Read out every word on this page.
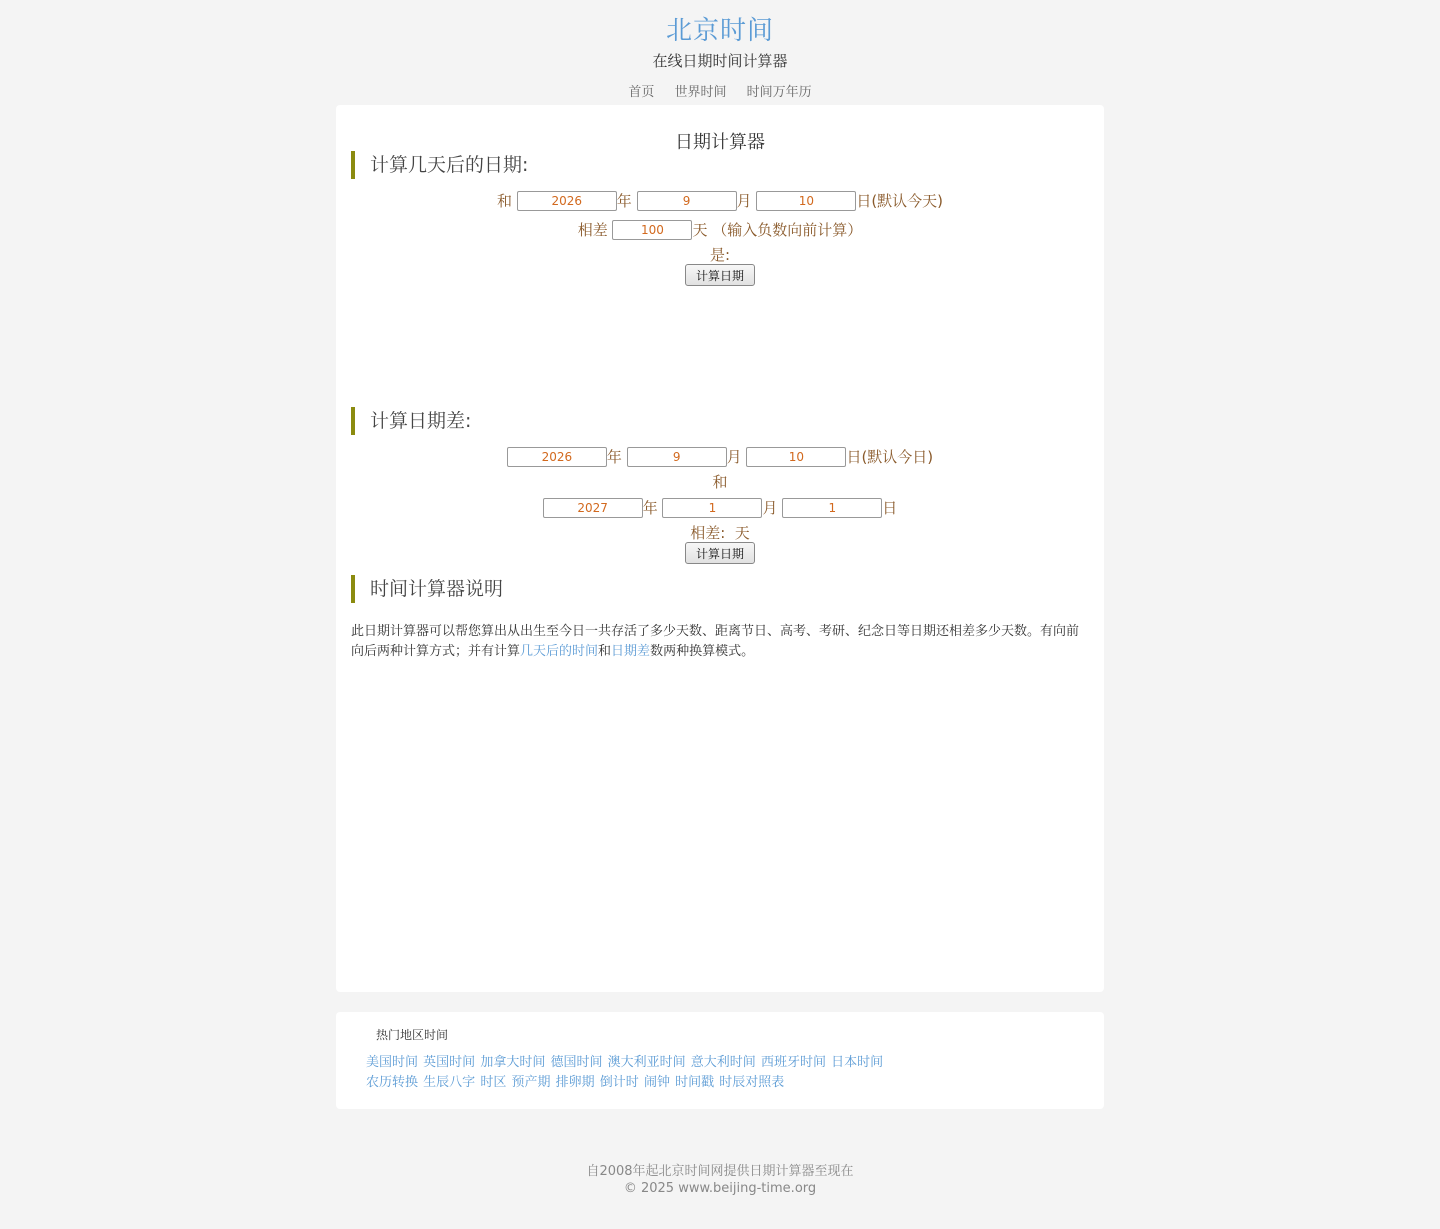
北京时间
在线日期时间计算器
首页 世界时间 时间万年历
日期计算器
计算几天后的日期:
和 2026	年 9	月 10	日(默认今天)
相差 100	天 （输入负数向前计算）
是:
计算日期
计算日期差:
2026年 9	月 10	日(默认今日)
和
2027年 1	月 1	日
相差: 天
计算日期
时间计算器说明
此日期计算器可以帮您算出从出生至今日一共存活了多少天数、距离节日、高考、考研、纪念日等日期还相差多少天数。有向前向后两种计算方式；并有计算几天后的时间和日期差数两种换算模式。
热门地区时间
美国时间 英国时间 加拿大时间 德国时间 澳大利亚时间 意大利时间 西班牙时间 日本时间
农历转换 生辰八字 时区 预产期 排卵期 倒计时 闹钟 时间戳 时辰对照表
自2008年起北京时间网提供日期计算器至现在
© 2025 www.beijing-time.org
